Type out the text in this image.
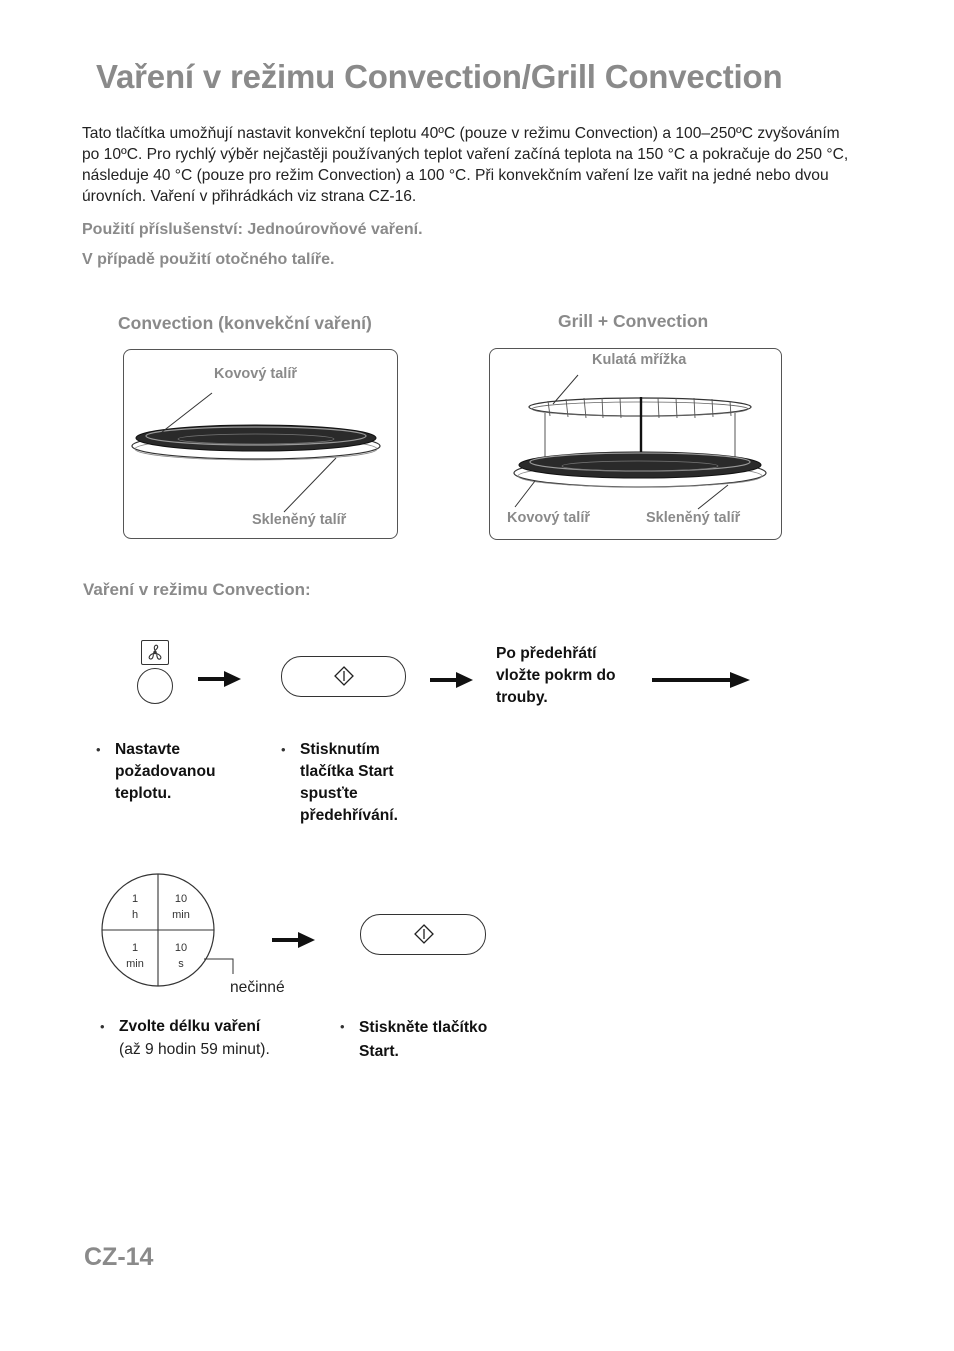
Vaření v režimu Convection/Grill Convection
Tato tlačítka umožňují nastavit konvekční teplotu 40ºC (pouze v režimu Convection) a 100–250ºC zvyšováním po 10ºC. Pro rychlý výběr nejčastěji používaných teplot vaření začíná teplota na 150 °C a pokračuje do 250 °C, následuje 40 °C (pouze pro režim Convection) a 100 °C. Při konvekčním vaření lze vařit na jedné nebo dvou úrovních. Vaření v přihrádkách viz strana CZ-16.
Použití příslušenství: Jednoúrovňové vaření.
V případě použití otočného talíře.
Convection (konvekční vaření)	Grill + Convection
Kovový talíř
Skleněný talíř
Kulatá mřížka
Kovový talíř	Skleněný talíř
Vaření v režimu Convection:
Po předehřátí
vložte pokrm do
trouby.
• Nastavte
požadovanou
teplotu.
• Stisknutím
tlačítka Start
spusťte
předehřívání.
1
h
10
min
1
min
10
s
nečinné
• Zvolte délku vaření
(až 9 hodin 59 minut).
• Stiskněte tlačítko
Start.
CZ-14
